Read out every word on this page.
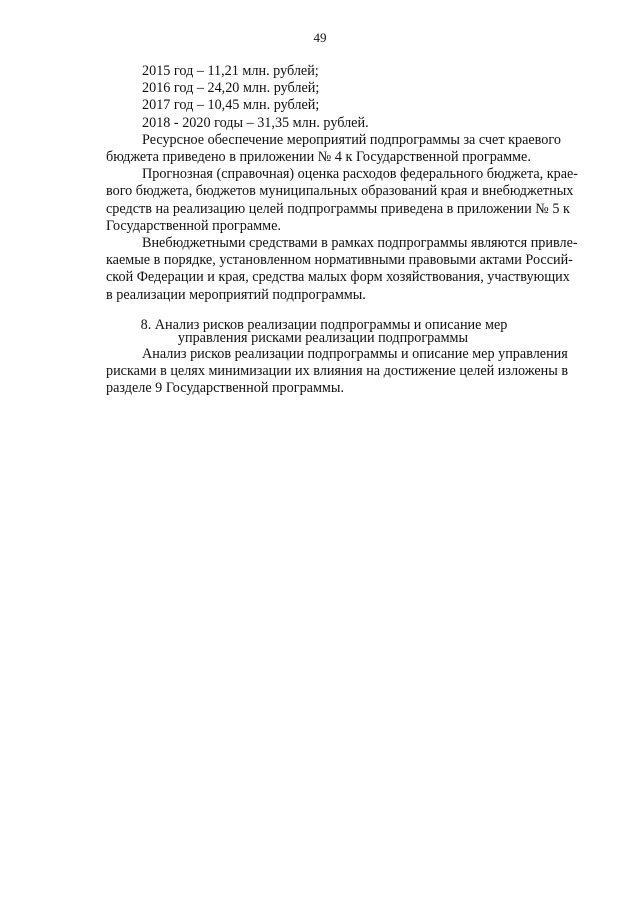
49
2015 год – 11,21 млн. рублей;
2016 год – 24,20 млн. рублей;
2017 год – 10,45 млн. рублей;
2018 - 2020 годы – 31,35 млн. рублей.
Ресурсное обеспечение мероприятий подпрограммы за счет краевого
бюджета приведено в приложении № 4 к Государственной программе.
Прогнозная (справочная) оценка расходов федерального бюджета, крае-
вого бюджета, бюджетов муниципальных образований края и внебюджетных
средств на реализацию целей подпрограммы приведена в приложении № 5 к
Государственной программе.
Внебюджетными средствами в рамках подпрограммы являются привле-
каемые в порядке, установленном нормативными правовыми актами Россий-
ской Федерации и края, средства малых форм хозяйствования, участвующих
в реализации мероприятий подпрограммы.
8. Анализ рисков реализации подпрограммы и описание мер
управления рисками реализации подпрограммы
Анализ рисков реализации подпрограммы и описание мер управления
рисками в целях минимизации их влияния на достижение целей изложены в
разделе 9 Государственной программы.
